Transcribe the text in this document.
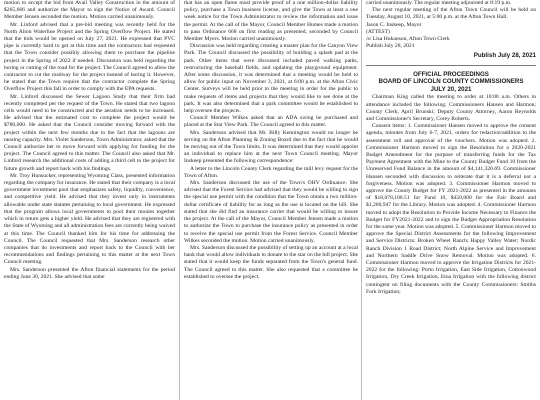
motion to accept the bid from Avail Valley Construction in the amount of $265,666 and authorize the Mayor to sign the Notice of Award. Council Member Jensen seconded the motion. Motion carried unanimously.

Mr. Linford advised that a pre-bid meeting was recently held for the North Alton Waterline Project and the Spring Overflow Project. He stated that the bids would be opened on July 27, 2021. He expressed that PVC pipe is currently hard to get at this time and the contractors had requested that the Town consider possibly allowing them to purchase the pipeline project in the Spring of 2022 if needed. Discussion was held regarding the boring or cutting of the road for the project. The Council agreed to allow the contractor to cut the roadway for the project instead of boring it. However, he stated that the Town require that the contractor complete the Spring Overflow Project this fall in order to comply with the EPA requests.

Mr. Linford discussed the Sewer Lagoon Study that their firm had recently completed per the request of the Town. He stated that two lagoon cells would need to be constructed and the aeration needs to be increased. He advised that the estimated cost to complete the project would be $780,000. He asked that the Council consider moving forward with the project within the next few months due to the fact that the lagoons are nearing capacity. Mrs. Violet Sanderson, Town Administrator, asked that the Council authorize her to move forward with applying for funding for the project. The Council agreed to this matter. The Council also asked that Mr. Linford research the additional costs of adding a third cell to the project for future growth and report back with his findings.

Mr. Troy Hunsucker, representing Wyoming Class, presented information regarding the company for insurance. He stated that their company is a local government investment pool that emphasizes safety, liquidity, convenience, and competitive yield. He advised that they invest only in instruments allowable under state statutes pertaining to local government. He expressed that the program allows local governments to pool their monies together which in return gets a higher yield. He advised that they are registered with the State of Wyoming and all administration fees are currently being waived at this time. The Council thanked him for his time for addressing the Council. The Council requested that Mrs. Sanderson research other companies that do investments and report back to the Council with her recommendations and findings pertaining to this matter at the next Town Council meeting.

Mrs. Sanderson presented the Afton financial statements for the period ending June 30, 2021. She advised that some

that has an open flame must provide proof of a one million-dollar liability policy, purchase a Town business license, and give the Town at least a one week notice for the Town Administrator to review the information and issue the permit. At the call of the Mayor, Council Member Humes made a motion to pass Ordinance 668 on first reading as presented, seconded by Council Member Myers. Motion carried unanimously.

Discussion was held regarding creating a master plan for the Canyon View Park. The Council discussed the possibility of building a splash pad at the park. Other items that were discussed included paved walking paths, restructuring the baseball fields, and updating the playground equipment. After some discussion, it was determined that a meeting would be held to allow for public input on November 3, 2021, at 6:00 p.m. at the Afton Civic Center. Surveys will be held prior to the meeting in order for the public to make requests of items and projects that they would like to see done at the park. It was also determined that a park committee would be established to help oversee the projects.

Council Member Wilkes asked that an ADA swing be purchased and placed at the Star View Park. The Council agreed to this matter.

Mrs. Sanderson advised that Mr. Billy Kennington would no longer be serving on the Afton Planning & Zoning Board due to the fact that he would be moving out of the Town limits. It was determined that they would appoint an individual to replace him at the next Town Council meeting. Mayor Inskeep presented the following correspondence:

A letter to the Lincoln County Clerk regarding the mill levy request for the Town of Afton.

Mrs. Sanderson discussed the use of the Town's OHV Ordinance. She advised that the Forest Service had advised that they would be willing to sign the special use permit with the condition that the Town obtain a two million-dollar certificate of liability for as long as the use is located on the hill. She stated that she did find an insurance carrier that would be willing to insure the project. At the call of the Mayor, Council Member Jensen made a motion to authorize the Town to purchase the insurance policy as presented in order to receive the special use permit from the Forest Service. Council Member Wilkes seconded the motion. Motion carried unanimously.

Mrs. Sanderson discussed the possibility of setting up an account at a local bank that would allow individuals to donate to the star on the hill project. She stated that it would keep the funds separated from the Town's general fund. The Council agreed to this matter. She also requested that a committee be established to oversee the project.

carried unanimously. The regular meeting adjourned at 8:19 p.m.

The next regular meeting of the Afton Town Council will be held on Tuesday, August 10, 2021, at 5:00 p.m. at the Afton Town Hall.

Jason C. Inskeep, Mayor

(ATTEST)

/s/ Lisa Hokanson, Afton Town Clerk

Publish July 28, 2021

Publish July 28, 2021
OFFICIAL PROCEEDINGS
BOARD OF LINCOLN COUNTY COMMISSIONERS
JULY 20, 2021

Chairman King called the meeting to order at 10:00 a.m. Others in attendance included the following: Commissioners Hansen and Harmon; County Clerk, April Brunski; Deputy County Attorney, Aaron Reynolds and Commissioner's Secretary, Corey Roberts.

Consent items: 1. Commissioner Hansen moved to approve the consent agenda, minutes from July 6-7, 2021, orders for redaction/addition to the assessment roll and approval of the vouchers. Motion was adopted. 2. Commissioner Harmon moved to sign the Resolution for a 2020-2021 Budget Amendment for the purpose of transferring funds for the Tax Payment Agreement with the Mine to the County Budget Fund 10 from the Unreserved Fund Balance in the amount of $4,141,320.69. Commissioner Hansen seconded with discussion to reiterate that it is a deferral not a forgiveness. Motion was adopted. 3. Commissioner Harmon moved to approve the County Budget for FY 2021-2022 as presented in the amounts of $18,078,108.51 for Fund 10, $450,000 for the Fair Board and $1,260,947 for the Library. Motion was adopted. 4. Commissioner Harmon moved to adopt the Resolution to Provide Income Necessary to Finance the Budget for FY2021-2022 and to sign the Budget Appropriation Resolution for the same year. Motion was adopted. 5. Commissioner Harmon moved to approve the Special District Assessments for the following Improvement and Service Districts: Broken Wheel Ranch; Happy Valley Water; Nordic Ranch Division 1 Road District; North Alpine Service and Improvement and Northern Saddle Drive Snow Removal. Motion was adopted. 6. Commissioner Harmon moved to approve the Irrigation Districts for 2021-2022 for the following: Porto Irrigation, East Side Irrigation, Cottonwood Irrigation, Dry Creek Irrigation, Etna Irrigation with the following district contingent on filing documents with the County Commissioners: Smiths Fork Irrigation;
